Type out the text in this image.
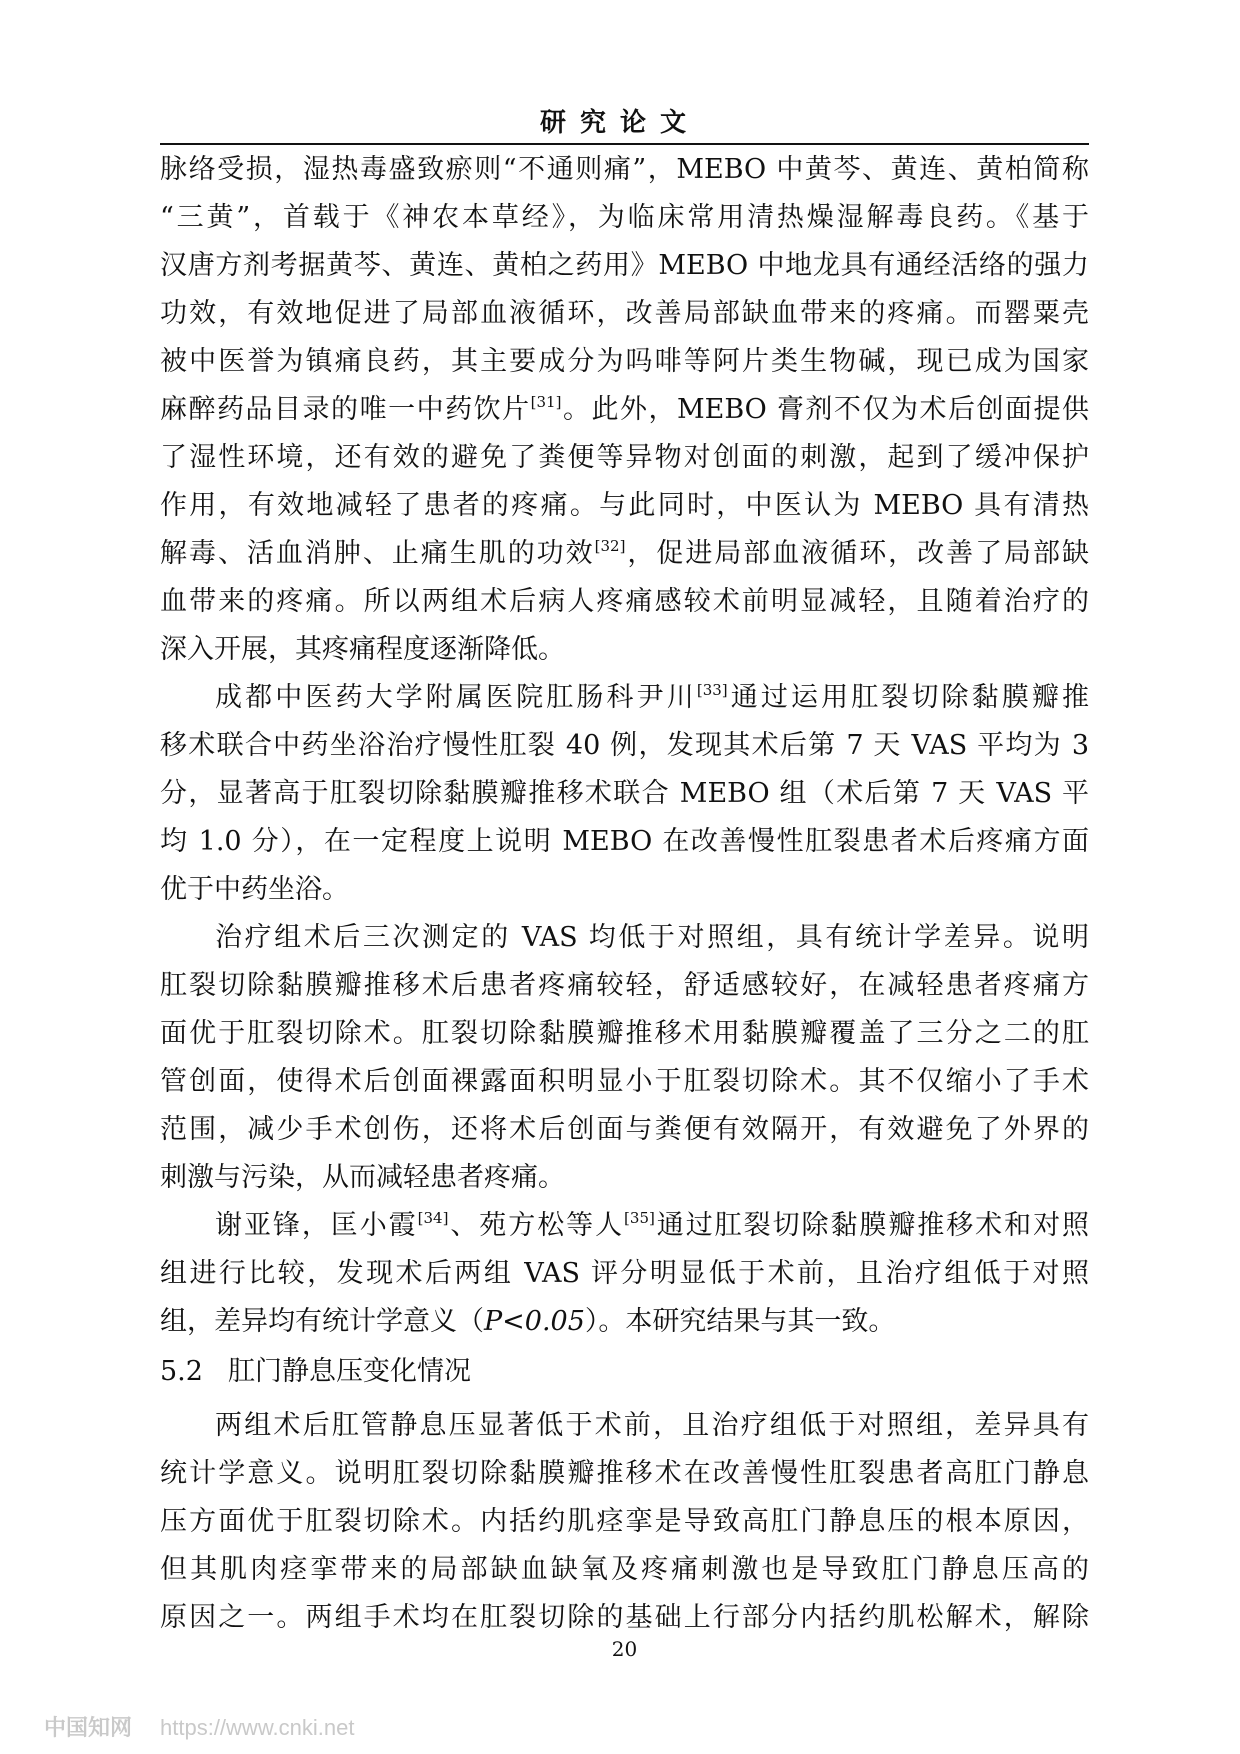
研究论文
脉络受损，湿热毒盛致瘀则“不通则痛”，MEBO 中黄芩、黄连、黄柏简称
“三黄”，首载于《神农本草经》，为临床常用清热燥湿解毒良药。《基于
汉唐方剂考据黄芩、黄连、黄柏之药用》MEBO 中地龙具有通经活络的强力
功效，有效地促进了局部血液循环，改善局部缺血带来的疼痛。而罂粟壳
被中医誉为镇痛良药，其主要成分为吗啡等阿片类生物碱，现已成为国家
麻醉药品目录的唯一中药饮片[31]。此外，MEBO 膏剂不仅为术后创面提供
了湿性环境，还有效的避免了粪便等异物对创面的刺激，起到了缓冲保护
作用，有效地减轻了患者的疼痛。与此同时，中医认为 MEBO 具有清热
解毒、活血消肿、止痛生肌的功效[32]，促进局部血液循环，改善了局部缺
血带来的疼痛。所以两组术后病人疼痛感较术前明显减轻，且随着治疗的
深入开展，其疼痛程度逐渐降低。
成都中医药大学附属医院肛肠科尹川[33]通过运用肛裂切除黏膜瓣推
移术联合中药坐浴治疗慢性肛裂 40 例，发现其术后第 7 天 VAS 平均为 3
分，显著高于肛裂切除黏膜瓣推移术联合 MEBO 组（术后第 7 天 VAS 平
均 1.0 分），在一定程度上说明 MEBO 在改善慢性肛裂患者术后疼痛方面
优于中药坐浴。
治疗组术后三次测定的 VAS 均低于对照组，具有统计学差异。说明
肛裂切除黏膜瓣推移术后患者疼痛较轻，舒适感较好，在减轻患者疼痛方
面优于肛裂切除术。肛裂切除黏膜瓣推移术用黏膜瓣覆盖了三分之二的肛
管创面，使得术后创面裸露面积明显小于肛裂切除术。其不仅缩小了手术
范围，减少手术创伤，还将术后创面与粪便有效隔开，有效避免了外界的
刺激与污染，从而减轻患者疼痛。
谢亚锋，匡小霞[34]、苑方松等人[35]通过肛裂切除黏膜瓣推移术和对照
组进行比较，发现术后两组 VAS 评分明显低于术前，且治疗组低于对照
组，差异均有统计学意义（P<0.05）。本研究结果与其一致。
5.2 肛门静息压变化情况
两组术后肛管静息压显著低于术前，且治疗组低于对照组，差异具有
统计学意义。说明肛裂切除黏膜瓣推移术在改善慢性肛裂患者高肛门静息
压方面优于肛裂切除术。内括约肌痉挛是导致高肛门静息压的根本原因，
但其肌肉痉挛带来的局部缺血缺氧及疼痛刺激也是导致肛门静息压高的
原因之一。两组手术均在肛裂切除的基础上行部分内括约肌松解术，解除
20
中国知网 https://www.cnki.net
